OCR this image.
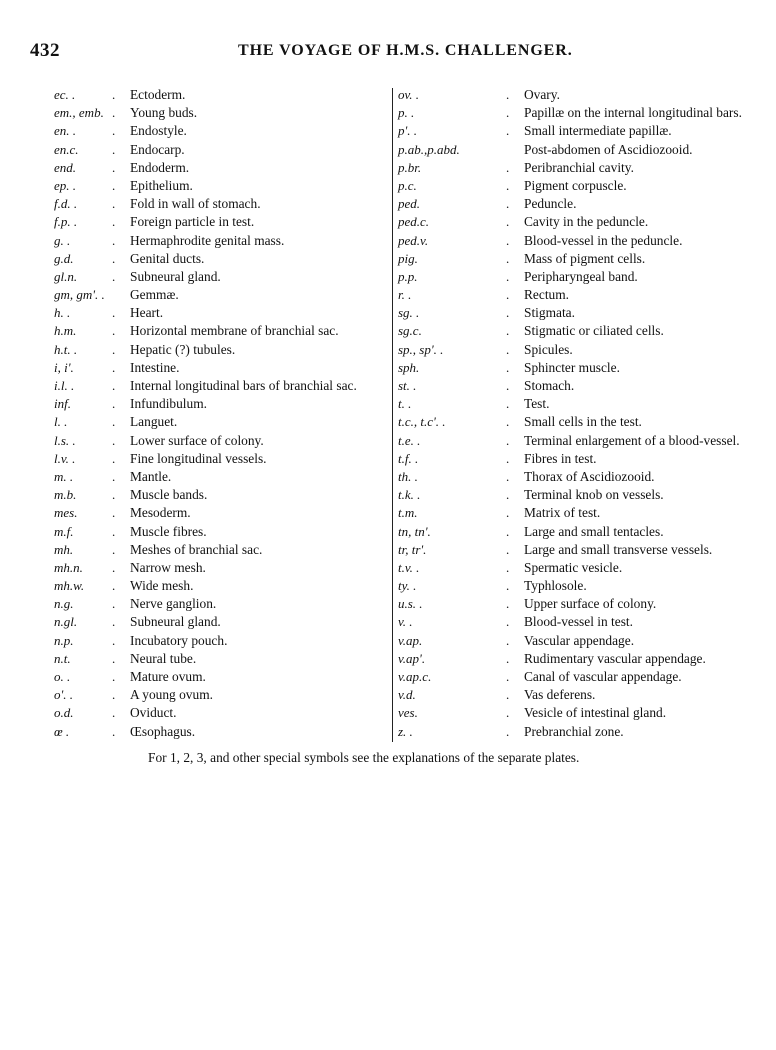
432	THE VOYAGE OF H.M.S. CHALLENGER.
ec. .	. Ectoderm.
em., emb. . Young buds.
en. .	. Endostyle.
en.c.	. Endocarp.
end.	. Endoderm.
ep. .	. Epithelium.
f.d. .	. Fold in wall of stomach.
f.p. .	. Foreign particle in test.
g. .	. Hermaphrodite genital mass.
g.d.	. Genital ducts.
gl.n.	. Subneural gland.
gm, gm'. . Gemmæ.
h. .	. Heart.
h.m.	. Horizontal membrane of branchial sac.
h.t. .	. Hepatic (?) tubules.
i, i'.	. Intestine.
i.l. .	. Internal longitudinal bars of branchial sac.
inf.	. Infundibulum.
l. .	. Languet.
l.s. .	. Lower surface of colony.
l.v. .	. Fine longitudinal vessels.
m. .	. Mantle.
m.b.	. Muscle bands.
mes.	. Mesoderm.
m.f.	. Muscle fibres.
mh.	. Meshes of branchial sac.
mh.n. . Narrow mesh.
mh.w. . Wide mesh.
n.g.	. Nerve ganglion.
n.gl.	. Subneural gland.
n.p.	. Incubatory pouch.
n.t.	. Neural tube.
o. .	. Mature ovum.
o'. .	. A young ovum.
o.d.	. Oviduct.
œ .	. Œsophagus.
ov. .	. Ovary.
p. .	. Papillæ on the internal longitudinal bars.
p'. .	. Small intermediate papillæ.
p.ab.,p.abd.	Post-abdomen of Ascidiozooid.
p.br.	. Peribranchial cavity.
p.c.	. Pigment corpuscle.
ped.	. Peduncle.
ped.c.	. Cavity in the peduncle.
ped.v.	. Blood-vessel in the peduncle.
pig.	. Mass of pigment cells.
p.p.	. Peripharyngeal band.
r. .	. Rectum.
sg. .	. Stigmata.
sg.c.	. Stigmatic or ciliated cells.
sp., sp'. .	. Spicules.
sph.	. Sphincter muscle.
st. .	. Stomach.
t. .	. Test.
t.c., t.c'. .	. Small cells in the test.
t.e. .	. Terminal enlargement of a blood-vessel.
t.f. .	. Fibres in test.
th. .	. Thorax of Ascidiozooid.
t.k. .	. Terminal knob on vessels.
t.m.	. Matrix of test.
tn, tn'.	. Large and small tentacles.
tr, tr'.	. Large and small transverse vessels.
t.v. .	. Spermatic vesicle.
ty. .	. Typhlosole.
u.s. .	. Upper surface of colony.
v. .	. Blood-vessel in test.
v.ap.	. Vascular appendage.
v.ap'.	. Rudimentary vascular appendage.
v.ap.c.	. Canal of vascular appendage.
v.d.	. Vas deferens.
ves.	. Vesicle of intestinal gland.
z. .	. Prebranchial zone.
For 1, 2, 3, and other special symbols see the explanations of the separate plates.
